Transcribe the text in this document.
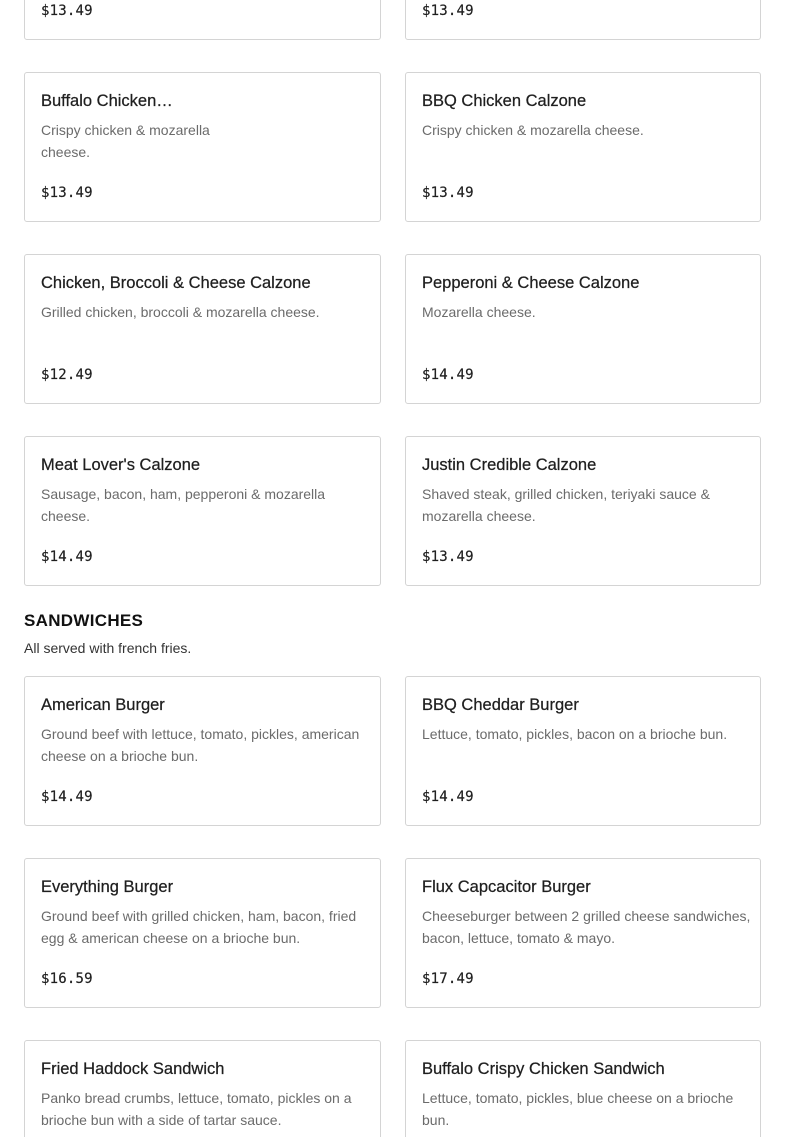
$13.49	$13.49
Buffalo Chicken…
Crispy chicken & mozarella cheese.
$13.49
BBQ Chicken Calzone
Crispy chicken & mozarella cheese.
$13.49
Chicken, Broccoli & Cheese Calzone
Grilled chicken, broccoli & mozarella cheese.
$12.49
Pepperoni & Cheese Calzone
Mozarella cheese.
$14.49
Meat Lover's Calzone
Sausage, bacon, ham, pepperoni & mozarella cheese.
$14.49
Justin Credible Calzone
Shaved steak, grilled chicken, teriyaki sauce & mozarella cheese.
$13.49
SANDWICHES

All served with french fries.

American Burger
Ground beef with lettuce, tomato, pickles, american cheese on a brioche bun.
$14.49
BBQ Cheddar Burger
Lettuce, tomato, pickles, bacon on a brioche bun.
$14.49
Everything Burger
Ground beef with grilled chicken, ham, bacon, fried egg & american cheese on a brioche bun.
$16.59
Flux Capcacitor Burger
Cheeseburger between 2 grilled cheese sandwiches, bacon, lettuce, tomato & mayo.
$17.49
Fried Haddock Sandwich
Panko bread crumbs, lettuce, tomato, pickles on a brioche bun with a side of tartar sauce.
Buffalo Crispy Chicken Sandwich
Lettuce, tomato, pickles, blue cheese on a brioche bun.
